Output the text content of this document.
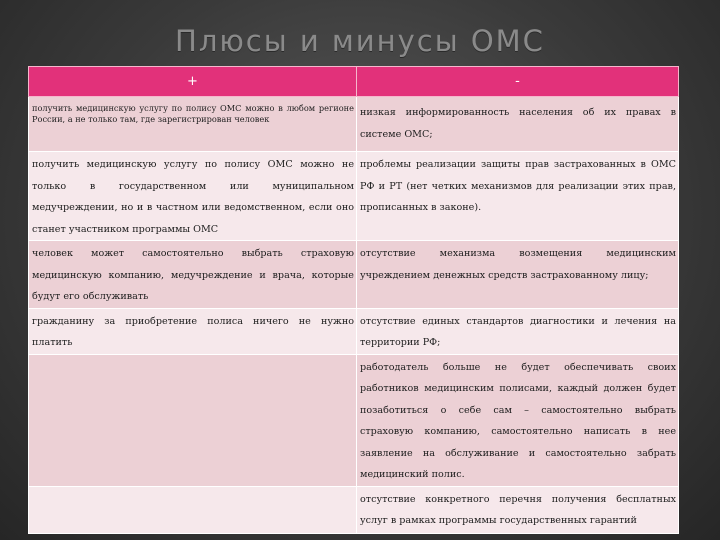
Плюсы и минусы ОМС
+	-
получить медицинскую услугу по полису ОМС можно в любом регионе России, а не только там, где зарегистрирован человек	низкая информированность населения об их правах в системе ОМС;
получить медицинскую услугу по полису ОМС можно не только в государственном или муниципальном медучреждении, но и в частном или ведомственном, если оно станет участником программы ОМС	проблемы реализации защиты прав застрахованных в ОМС РФ и РТ (нет четких механизмов для реализации этих прав, прописанных в законе).
человек может самостоятельно выбрать страховую медицинскую компанию, медучреждение и врача, которые будут его обслуживать	отсутствие механизма возмещения медицинским учреждением денежных средств застрахованному лицу;
гражданину за приобретение полиса ничего не нужно платить	отсутствие единых стандартов диагностики и лечения на территории РФ;
	работодатель больше не будет обеспечивать своих работников медицинским полисами, каждый должен будет позаботиться о себе сам – самостоятельно выбрать страховую компанию, самостоятельно написать в нее заявление на обслуживание и самостоятельно забрать медицинский полис.
	отсутствие конкретного перечня получения бесплатных услуг в рамках программы государственных гарантий
